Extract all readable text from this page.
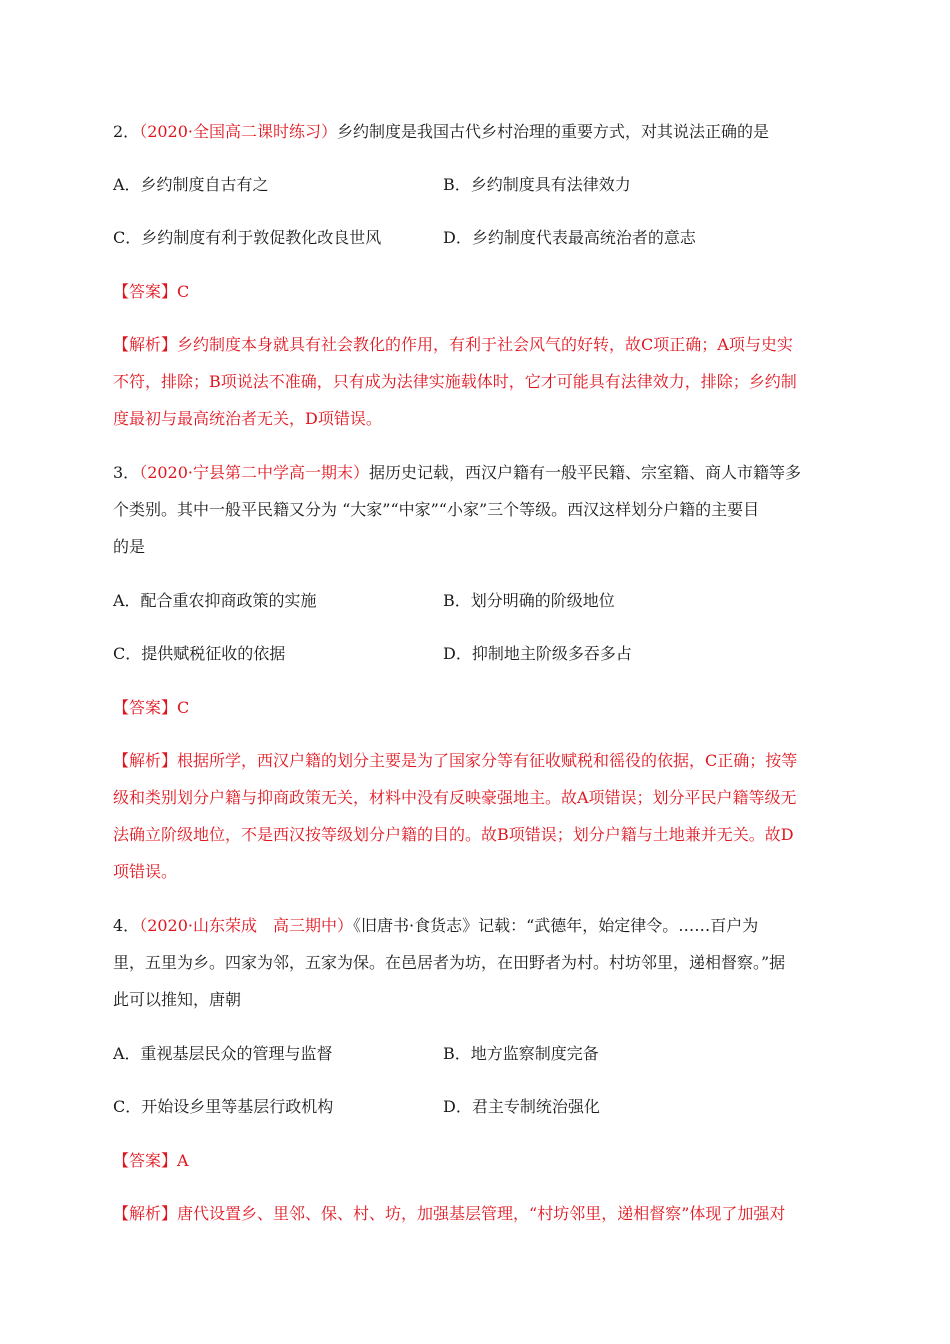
2．（2020·全国高二课时练习）乡约制度是我国古代乡村治理的重要方式，对其说法正确的是
A．乡约制度自古有之	B．乡约制度具有法律效力
C．乡约制度有利于敦促教化改良世风	D．乡约制度代表最高统治者的意志
【答案】C
【解析】乡约制度本身就具有社会教化的作用，有利于社会风气的好转，故C项正确；A项与史实
不符，排除；B项说法不准确，只有成为法律实施载体时，它才可能具有法律效力，排除；乡约制
度最初与最高统治者无关，D项错误。
3．（2020·宁县第二中学高一期末）据历史记载，西汉户籍有一般平民籍、宗室籍、商人市籍等多
个类别。其中一般平民籍又分为 “大家”“中家”“小家”三个等级。西汉这样划分户籍的主要目
的是
A．配合重农抑商政策的实施	B．划分明确的阶级地位
C．提供赋税征收的依据	D．抑制地主阶级多吞多占
【答案】C
【解析】根据所学，西汉户籍的划分主要是为了国家分等有征收赋税和徭役的依据，C正确；按等
级和类别划分户籍与抑商政策无关，材料中没有反映豪强地主。故A项错误；划分平民户籍等级无
法确立阶级地位，不是西汉按等级划分户籍的目的。故B项错误；划分户籍与土地兼并无关。故D
项错误。
4．（2020·山东荣成　高三期中）《旧唐书·食货志》记载：“武德年，始定律令。……百户为
里，五里为乡。四家为邻，五家为保。在邑居者为坊，在田野者为村。村坊邻里，递相督察。”据
此可以推知，唐朝
A．重视基层民众的管理与监督	B．地方监察制度完备
C．开始设乡里等基层行政机构	D．君主专制统治强化
【答案】A
【解析】唐代设置乡、里邻、保、村、坊，加强基层管理，“村坊邻里，递相督察”体现了加强对
